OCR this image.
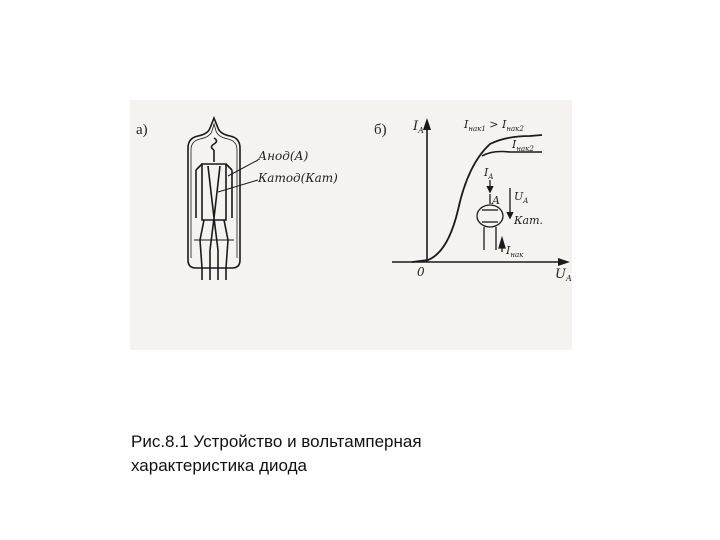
а)
Анод(А)
Катод(Кат)
б) $I_A$
$U_A$
0
$I_{нак1} > I_{нак2}$
$I_{нак2}$
$I_A$
A $U_A$
Кат.
$I_{нак}$
Рис.8.1 Устройство и вольтамперная
характеристика диода
